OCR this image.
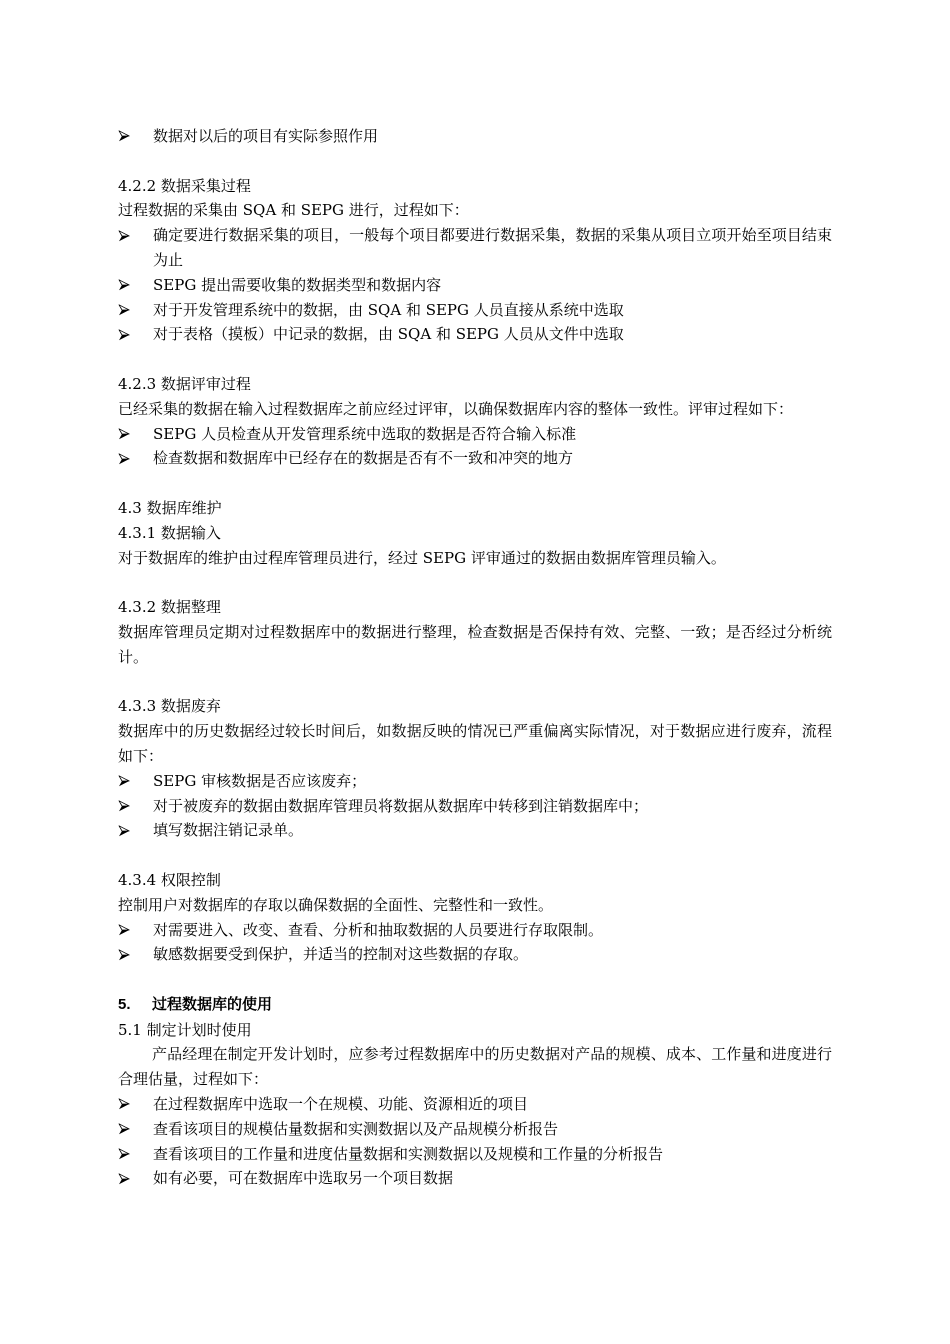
数据对以后的项目有实际参照作用
4.2.2 数据采集过程
过程数据的采集由 SQA 和 SEPG 进行，过程如下：
确定要进行数据采集的项目，一般每个项目都要进行数据采集，数据的采集从项目立项开始至项目结束为止
SEPG 提出需要收集的数据类型和数据内容
对于开发管理系统中的数据，由 SQA 和 SEPG 人员直接从系统中选取
对于表格（摸板）中记录的数据，由 SQA 和 SEPG 人员从文件中选取
4.2.3 数据评审过程
已经采集的数据在输入过程数据库之前应经过评审，以确保数据库内容的整体一致性。评审过程如下：
SEPG 人员检查从开发管理系统中选取的数据是否符合输入标准
检查数据和数据库中已经存在的数据是否有不一致和冲突的地方
4.3 数据库维护
4.3.1 数据输入
对于数据库的维护由过程库管理员进行，经过 SEPG 评审通过的数据由数据库管理员输入。
4.3.2 数据整理
数据库管理员定期对过程数据库中的数据进行整理，检查数据是否保持有效、完整、一致；是否经过分析统计。
4.3.3 数据废弃
数据库中的历史数据经过较长时间后，如数据反映的情况已严重偏离实际情况，对于数据应进行废弃，流程如下：
SEPG 审核数据是否应该废弃；
对于被废弃的数据由数据库管理员将数据从数据库中转移到注销数据库中；
填写数据注销记录单。
4.3.4 权限控制
控制用户对数据库的存取以确保数据的全面性、完整性和一致性。
对需要进入、改变、查看、分析和抽取数据的人员要进行存取限制。
敏感数据要受到保护，并适当的控制对这些数据的存取。
5. 过程数据库的使用
5.1 制定计划时使用
产品经理在制定开发计划时，应参考过程数据库中的历史数据对产品的规模、成本、工作量和进度进行合理估量，过程如下：
在过程数据库中选取一个在规模、功能、资源相近的项目
查看该项目的规模估量数据和实测数据以及产品规模分析报告
查看该项目的工作量和进度估量数据和实测数据以及规模和工作量的分析报告
如有必要，可在数据库中选取另一个项目数据
